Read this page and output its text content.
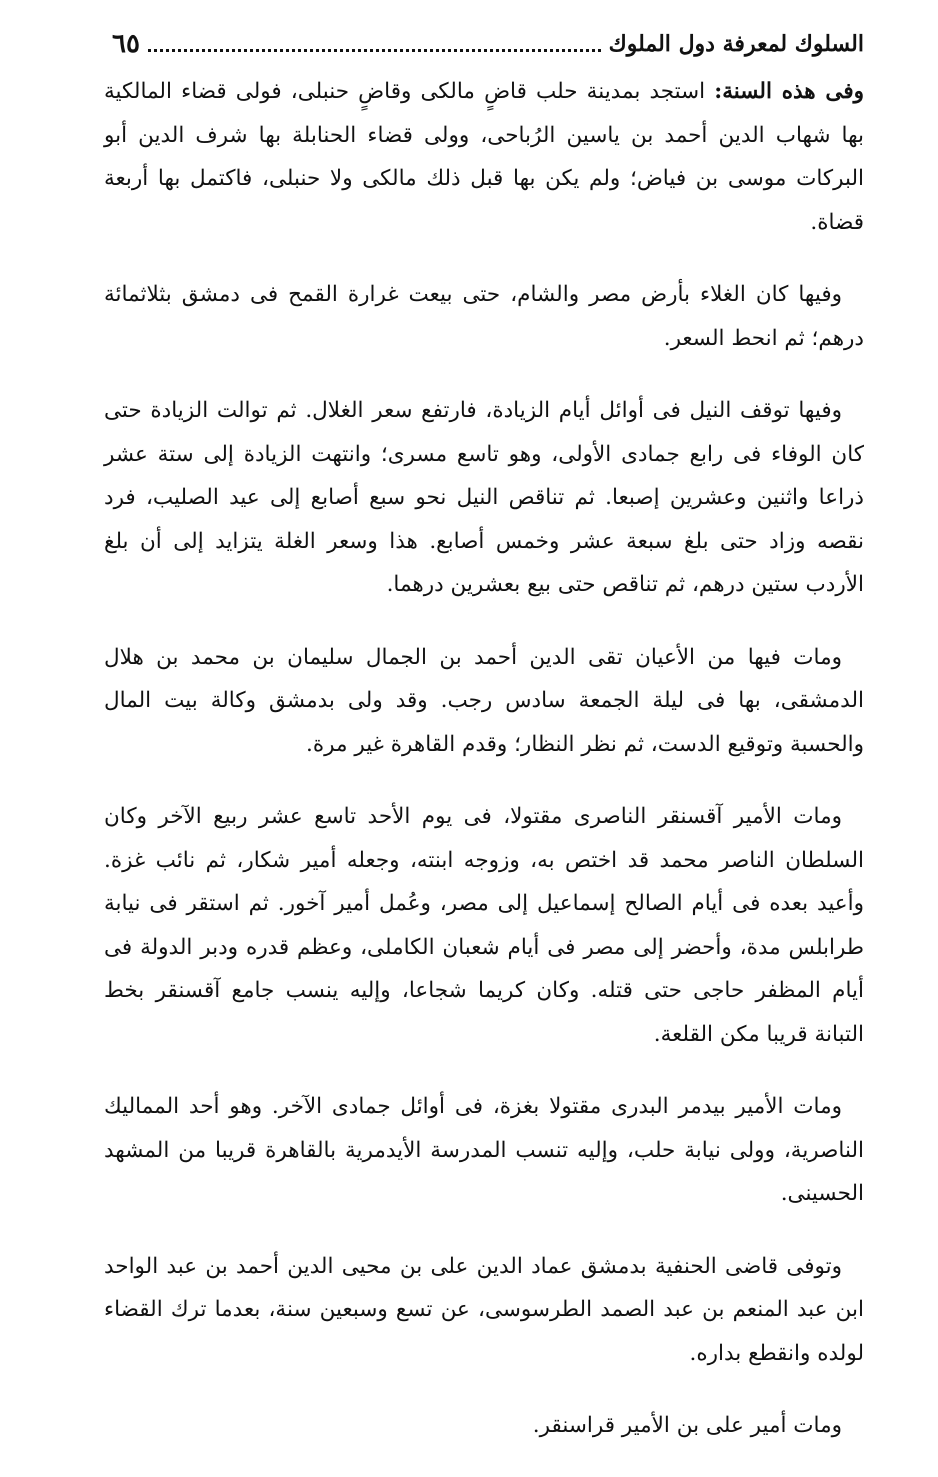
السلوك لمعرفة دول الملوك
٦٥

وفى هذه السنة: استجد بمدينة حلب قاضٍ مالكى وقاضٍ حنبلى، فولى قضاء المالكية بها شهاب الدين أحمد بن ياسين الرُباحى، وولى قضاء الحنابلة بها شرف الدين أبو البركات موسى بن فياض؛ ولم يكن بها قبل ذلك مالكى ولا حنبلى، فاكتمل بها أربعة قضاة.

وفيها كان الغلاء بأرض مصر والشام، حتى بيعت غرارة القمح فى دمشق بثلاثمائة درهم؛ ثم انحط السعر.

وفيها توقف النيل فى أوائل أيام الزيادة، فارتفع سعر الغلال. ثم توالت الزيادة حتى كان الوفاء فى رابع جمادى الأولى، وهو تاسع مسرى؛ وانتهت الزيادة إلى ستة عشر ذراعا واثنين وعشرين إصبعا. ثم تناقص النيل نحو سبع أصابع إلى عيد الصليب، فرد نقصه وزاد حتى بلغ سبعة عشر وخمس أصابع. هذا وسعر الغلة يتزايد إلى أن بلغ الأردب ستين درهم، ثم تناقص حتى بيع بعشرين درهما.

ومات فيها من الأعيان تقى الدين أحمد بن الجمال سليمان بن محمد بن هلال الدمشقى، بها فى ليلة الجمعة سادس رجب. وقد ولى بدمشق وكالة بيت المال والحسبة وتوقيع الدست، ثم نظر النظار؛ وقدم القاهرة غير مرة.

ومات الأمير آقسنقر الناصرى مقتولا، فى يوم الأحد تاسع عشر ربيع الآخر وكان السلطان الناصر محمد قد اختص به، وزوجه ابنته، وجعله أمير شكار، ثم نائب غزة. وأعيد بعده فى أيام الصالح إسماعيل إلى مصر، وعُمل أمير آخور. ثم استقر فى نيابة طرابلس مدة، وأحضر إلى مصر فى أيام شعبان الكاملى، وعظم قدره ودبر الدولة فى أيام المظفر حاجى حتى قتله. وكان كريما شجاعا، وإليه ينسب جامع آقسنقر بخط التبانة قريبا مكن القلعة.

ومات الأمير بيدمر البدرى مقتولا بغزة، فى أوائل جمادى الآخر. وهو أحد المماليك الناصرية، وولى نيابة حلب، وإليه تنسب المدرسة الأيدمرية بالقاهرة قريبا من المشهد الحسينى.

وتوفى قاضى الحنفية بدمشق عماد الدين على بن محيى الدين أحمد بن عبد الواحد ابن عبد المنعم بن عبد الصمد الطرسوسى، عن تسع وسبعين سنة، بعدما ترك القضاء لولده وانقطع بداره.

ومات أمير على بن الأمير قراسنقر.
